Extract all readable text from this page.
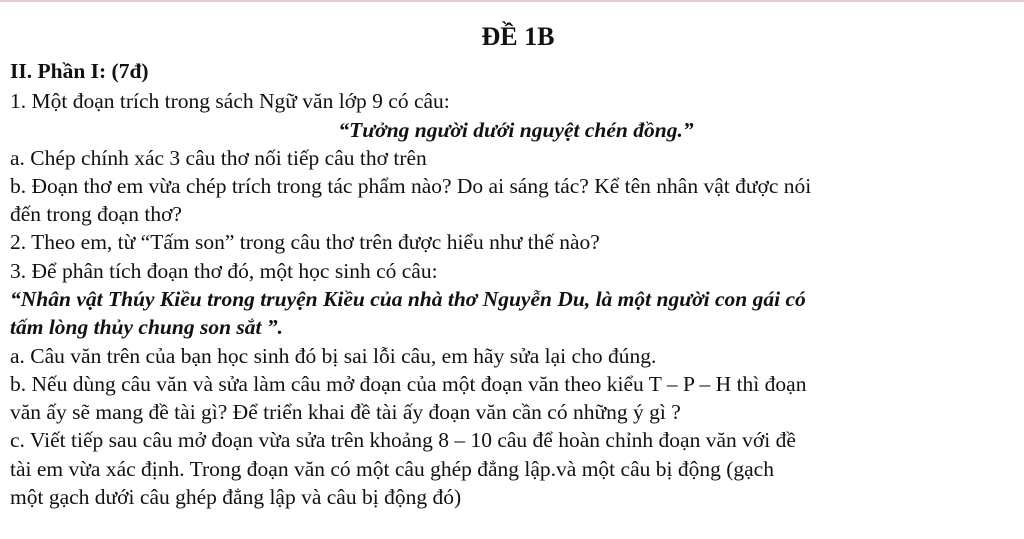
ĐỀ 1B
II. Phần I: (7đ)
1. Một đoạn trích trong sách Ngữ văn lớp 9 có câu:
“Tưởng người dưới nguyệt chén đồng.”
a. Chép chính xác 3 câu thơ nối tiếp câu thơ trên
b. Đoạn thơ em vừa chép trích trong tác phẩm nào? Do ai sáng tác? Kể tên nhân vật được nói
đến trong đoạn thơ?
2. Theo em, từ “Tấm son” trong câu thơ trên được hiểu như thế nào?
3. Để phân tích đoạn thơ đó, một học sinh có câu:
“Nhân vật Thúy Kiều trong truyện Kiều của nhà thơ Nguyễn Du, là một người con gái có
tấm lòng thủy chung son sắt ”.
a. Câu văn trên của bạn học sinh đó bị sai lỗi câu, em hãy sửa lại cho đúng.
b. Nếu dùng câu văn và sửa làm câu mở đoạn của một đoạn văn theo kiểu T – P – H thì đoạn
văn ấy sẽ mang đề tài gì? Để triển khai đề tài ấy đoạn văn cần có những ý gì ?
c. Viết tiếp sau câu mở đoạn vừa sửa trên khoảng 8 – 10 câu để hoàn chỉnh đoạn văn với đề
tài em vừa xác định. Trong đoạn văn có một câu ghép đẳng lập.và một câu bị động (gạch
một gạch dưới câu ghép đẳng lập và câu bị động đó)
